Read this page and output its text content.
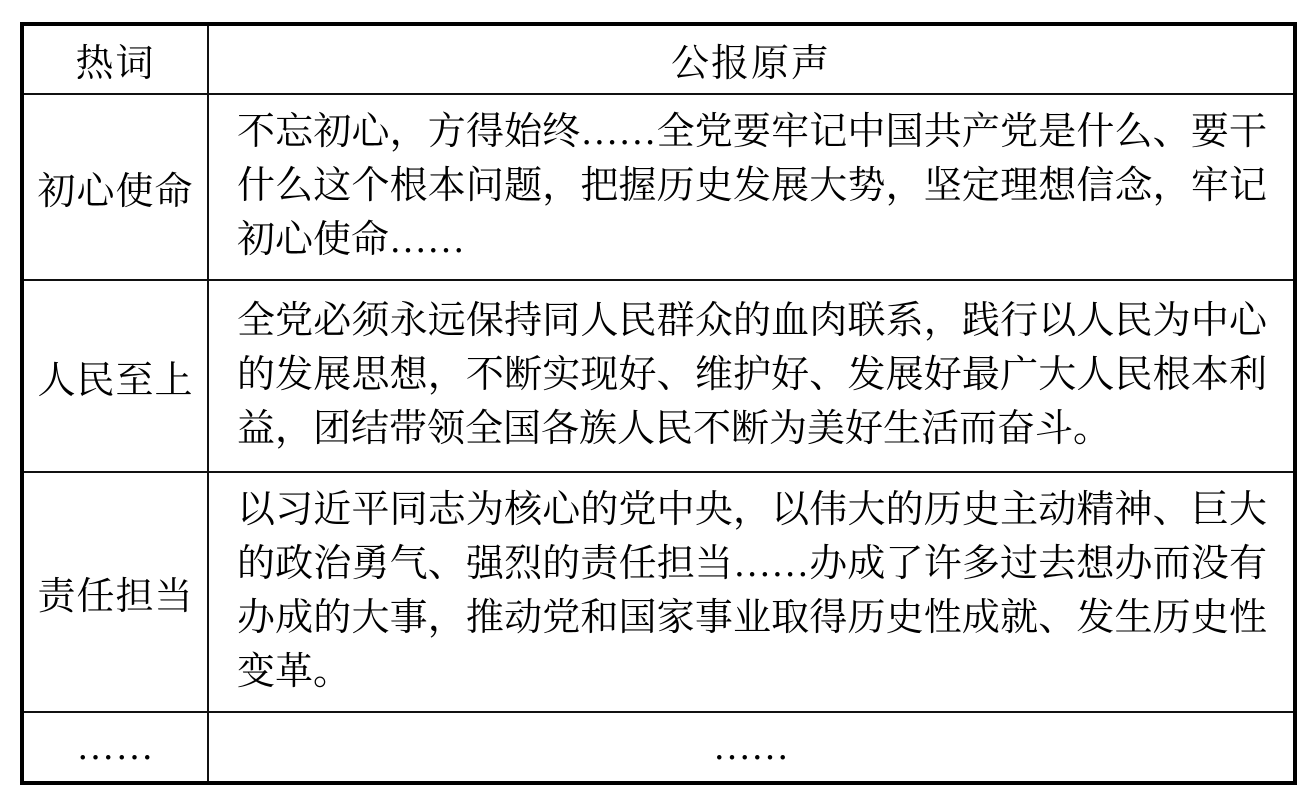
热词	公报原声
初心使命	不忘初心，方得始终……全党要牢记中国共产党是什么、要干什么这个根本问题，把握历史发展大势，坚定理想信念，牢记初心使命……
人民至上	全党必须永远保持同人民群众的血肉联系，践行以人民为中心的发展思想，不断实现好、维护好、发展好最广大人民根本利益，团结带领全国各族人民不断为美好生活而奋斗。
责任担当	以习近平同志为核心的党中央，以伟大的历史主动精神、巨大的政治勇气、强烈的责任担当……办成了许多过去想办而没有办成的大事，推动党和国家事业取得历史性成就、发生历史性变革。
……	……
